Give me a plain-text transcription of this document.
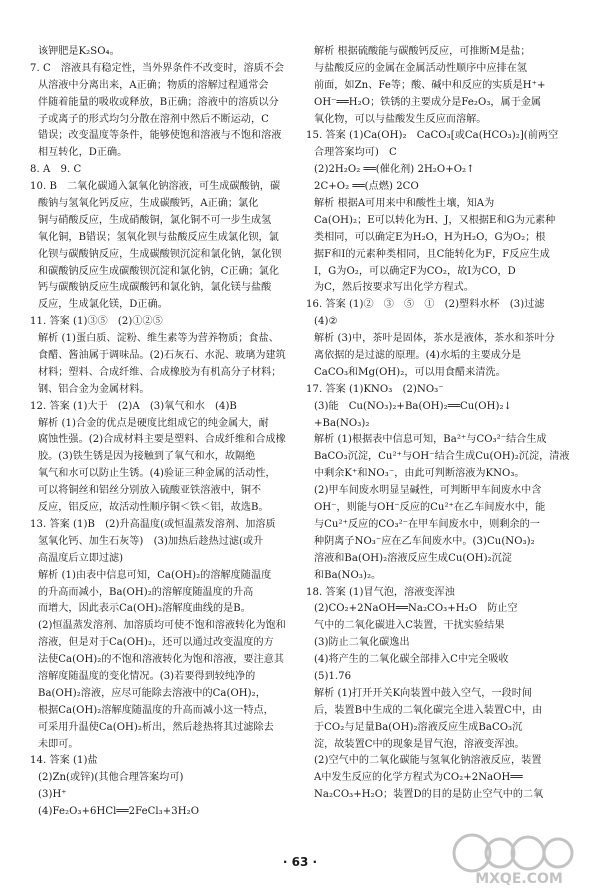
该钾肥是K₂SO₄。
7. C　溶液具有稳定性，当外界条件不改变时，溶质不会
从溶液中分离出来，A正确；物质的溶解过程通常会
伴随着能量的吸收或释放，B正确；溶液中的溶质以分
子或离子的形式均匀分散在溶剂中然后不断运动，C
错误；改变温度等条件，能够使饱和溶液与不饱和溶液
相互转化，D正确。
8. A　9. C
10. B　二氧化碳通入氯氧化钠溶液，可生成碳酸钠，碳
酸钠与氢氧化钙反应，生成碳酸钙，A正确；氯化
铜与硝酸反应，生成硝酸铜，氯化铜不可一步生成氢
氧化铜，B错误；氢氧化钡与盐酸反应生成氯化钡，氯
化钡与碳酸钠反应，生成碳酸钡沉淀和氯化钠，氯化钡
和碳酸钠反应生成碳酸钡沉淀和氯化钠，C正确；氯化
钙与碳酸钠反应生成碳酸钙和氯化钠，氯化镁与盐酸
反应，生成氯化镁，D正确。
11. 答案 (1)③⑤　(2)①②⑤
解析 (1)蛋白质、淀粉、维生素等为营养物质；食盐、
食醋、酱油属于调味品。(2)石灰石、水泥、玻璃为建筑
材料；塑料、合成纤维、合成橡胶为有机高分子材料；
钢、铝合金为金属材料。
12. 答案 (1)大于　(2)A　(3)氧气和水　(4)B
解析 (1)合金的优点是硬度比组成它的纯金属大，耐
腐蚀性强。(2)合成材料主要是塑料、合成纤维和合成橡
胶。(3)铁生锈是因为接触到了氧气和水，故隔绝
氧气和水可以防止生锈。(4)验证三种金属的活动性，
可以将铜丝和铝丝分别放入硫酸亚铁溶液中，铜不
反应，铝反应，故活动性顺序铜＜铁＜铝，故选B。
13. 答案 (1)B　(2)升高温度(或恒温蒸发溶剂、加溶质
氢氧化钙、加生石灰等)　(3)加热后趁热过滤(或升
高温度后立即过滤)
解析 (1)由表中信息可知，Ca(OH)₂的溶解度随温度
的升高而减小，Ba(OH)₂的溶解度随温度的升高
而增大，因此表示Ca(OH)₂溶解度曲线的是B。
(2)恒温蒸发溶剂、加溶质均可使不饱和溶液转化为饱和
溶液，但是对于Ca(OH)₂，还可以通过改变温度的方
法使Ca(OH)₂的不饱和溶液转化为饱和溶液，要注意其
溶解度随温度的变化情况。(3)若要得到较纯净的
Ba(OH)₂溶液，应尽可能除去溶液中的Ca(OH)₂，
根据Ca(OH)₂溶解度随温度的升高而减小这一特点，
可采用升温使Ca(OH)₂析出，然后趁热将其过滤除去
未即可。
14. 答案 (1)盐
(2)Zn(或锌)(其他合理答案均可)
(3)H⁺
(4)Fe₂O₃+6HCl══2FeCl₃+3H₂O
解析 根据硫酸能与碳酸钙反应，可推断M是盐；
与盐酸反应的金属在金属活动性顺序中应排在氢
前面，如Zn、Fe等；酸、碱中和反应的实质是H⁺+
OH⁻══H₂O；铁锈的主要成分是Fe₂O₃，属于金属
氧化物，可以与盐酸发生反应而溶解。
15. 答案 (1)Ca(OH)₂　CaCO₃[或Ca(HCO₃)₂](前两空
合理答案均可)　C
(2)2H₂O₂ ══(催化剂) 2H₂O+O₂↑
2C+O₂ ══(点燃) 2CO
解析 根据A可用来中和酸性土壤，知A为
Ca(OH)₂；E可以转化为H、J，又根据E和G为元素种
类相同，可以确定E为H₂O，H为H₂O，G为O₂；根
据F和I的元素种类相同，且C能转化为F，F反应生成
I，G为O₂，可以确定F为CO₂，故I为CO，D
为C，然后按要求写出化学方程式。
16. 答案 (1)②　③　⑤　①　(2)塑料水杯　(3)过滤
(4)②
解析 (3)中，茶叶是固体，茶水是液体，茶水和茶叶分
离依据的是过滤的原理。(4)水垢的主要成分是
CaCO₃和Mg(OH)₂，可以用食醋来清洗。
17. 答案 (1)KNO₃　(2)NO₃⁻
(3)能　Cu(NO₃)₂+Ba(OH)₂══Cu(OH)₂↓
+Ba(NO₃)₂
解析 (1)根据表中信息可知，Ba²⁺与CO₃²⁻结合生成
BaCO₃沉淀，Cu²⁺与OH⁻结合生成Cu(OH)₂沉淀，清液
中剩余K⁺和NO₃⁻，由此可判断溶液为KNO₃。
(2)甲车间废水明显呈碱性，可判断甲车间废水中含
OH⁻，则能与OH⁻反应的Cu²⁺在乙车间废水中，能
与Cu²⁺反应的CO₃²⁻在甲车间废水中，则剩余的一
种阴离子NO₃⁻应在乙车间废水中。(3)Cu(NO₃)₂
溶液和Ba(OH)₂溶液反应生成Cu(OH)₂沉淀
和Ba(NO₃)₂。
18. 答案 (1)冒气泡，溶液变浑浊
(2)CO₂+2NaOH══Na₂CO₃+H₂O　防止空
气中的二氧化碳进入C装置，干扰实验结果
(3)防止二氧化碳逸出
(4)将产生的二氧化碳全部排入C中完全吸收
(5)1.76
解析 (1)打开开关K向装置中鼓入空气，一段时间
后，装置B中生成的二氧化碳完全进入装置C中，由
于CO₂与足量Ba(OH)₂溶液反应生成BaCO₃沉
淀，故装置C中的现象是冒气泡，溶液变浑浊。
(2)空气中的二氧化碳能与氢氧化钠溶液反应，装置
A中发生反应的化学方程式为CO₂+2NaOH══
Na₂CO₃+H₂O；装置D的目的是防止空气中的二氧
· 63 ·
MXQE.COM
